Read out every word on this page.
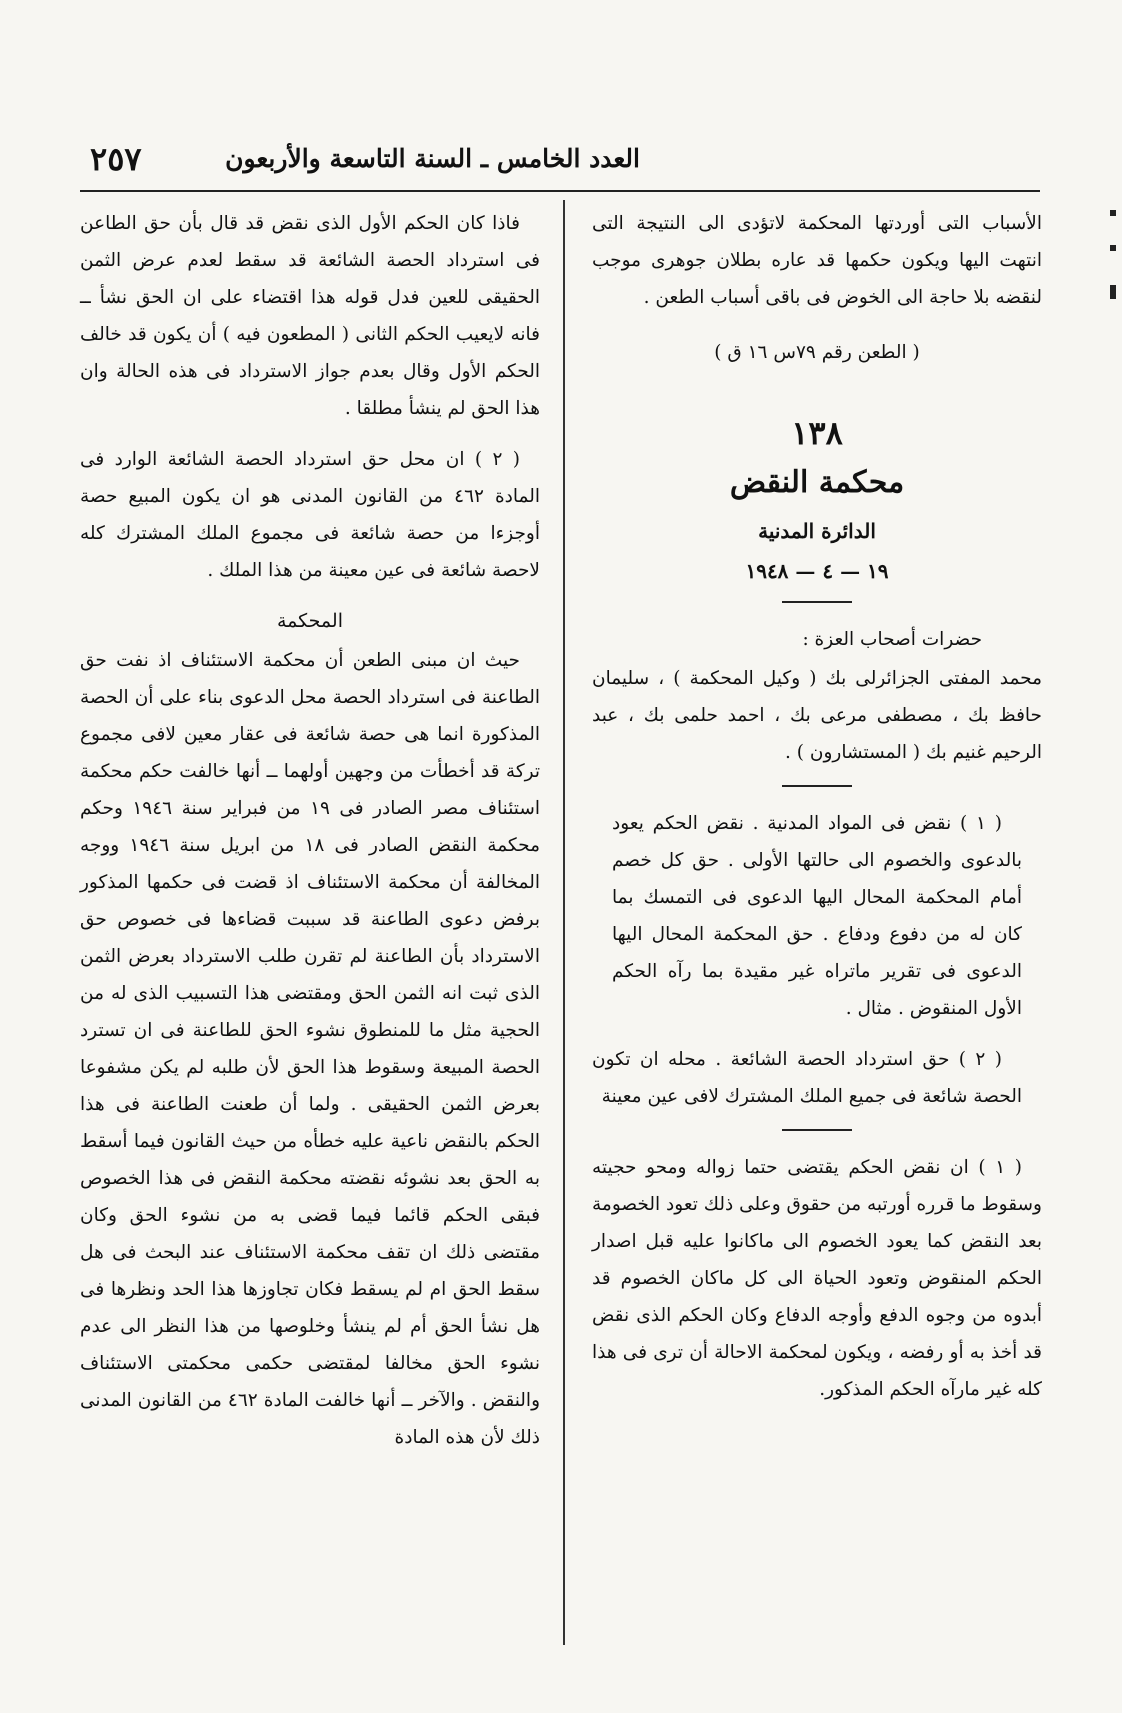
العدد الخامس ـ السنة التاسعة والأربعون
٢٥٧

الأسباب التى أوردتها المحكمة لاتؤدى الى النتيجة التى انتهت اليها ويكون حكمها قد عاره بطلان جوهرى موجب لنقضه بلا حاجة الى الخوض فى باقى أسباب الطعن .

( الطعن رقم ٧٩س ١٦ ق )
١٣٨
محكمة النقض
الدائرة المدنية
١٩ — ٤ — ١٩٤٨

حضرات أصحاب العزة :

محمد المفتى الجزائرلى بك ( وكيل المحكمة ) ، سليمان حافظ بك ، مصطفى مرعى بك ، احمد حلمى بك ، عبد الرحيم غنيم بك ( المستشارون ) .

( ١ ) نقض فى المواد المدنية . نقض الحكم يعود بالدعوى والخصوم الى حالتها الأولى . حق كل خصم أمام المحكمة المحال اليها الدعوى فى التمسك بما كان له من دفوع ودفاع . حق المحكمة المحال اليها الدعوى فى تقرير ماتراه غير مقيدة بما رآه الحكم الأول المنقوض . مثال .

( ٢ ) حق استرداد الحصة الشائعة . محله ان تكون الحصة شائعة فى جميع الملك المشترك لافى عين معينة

( ١ ) ان نقض الحكم يقتضى حتما زواله ومحو حجيته وسقوط ما قرره أورتبه من حقوق وعلى ذلك تعود الخصومة بعد النقض كما يعود الخصوم الى ماكانوا عليه قبل اصدار الحكم المنقوض وتعود الحياة الى كل ماكان الخصوم قد أبدوه من وجوه الدفع وأوجه الدفاع وكان الحكم الذى نقض قد أخذ به أو رفضه ، ويكون لمحكمة الاحالة أن ترى فى هذا كله غير مارآه الحكم المذكور.

فاذا كان الحكم الأول الذى نقض قد قال بأن حق الطاعن فى استرداد الحصة الشائعة قد سقط لعدم عرض الثمن الحقيقى للعين فدل قوله هذا اقتضاء على ان الحق نشأ ــ فانه لايعيب الحكم الثانى ( المطعون فيه ) أن يكون قد خالف الحكم الأول وقال بعدم جواز الاسترداد فى هذه الحالة وان هذا الحق لم ينشأ مطلقا .

( ٢ ) ان محل حق استرداد الحصة الشائعة الوارد فى المادة ٤٦٢ من القانون المدنى هو ان يكون المبيع حصة أوجزءا من حصة شائعة فى مجموع الملك المشترك كله لاحصة شائعة فى عين معينة من هذا الملك .

المحكمة

حيث ان مبنى الطعن أن محكمة الاستئناف اذ نفت حق الطاعنة فى استرداد الحصة محل الدعوى بناء على أن الحصة المذكورة انما هى حصة شائعة فى عقار معين لافى مجموع تركة قد أخطأت من وجهين أولهما ــ أنها خالفت حكم محكمة استئناف مصر الصادر فى ١٩ من فبراير سنة ١٩٤٦ وحكم محكمة النقض الصادر فى ١٨ من ابريل سنة ١٩٤٦ ووجه المخالفة أن محكمة الاستئناف اذ قضت فى حكمها المذكور برفض دعوى الطاعنة قد سببت قضاءها فى خصوص حق الاسترداد بأن الطاعنة لم تقرن طلب الاسترداد بعرض الثمن الذى ثبت انه الثمن الحق ومقتضى هذا التسبيب الذى له من الحجية مثل ما للمنطوق نشوء الحق للطاعنة فى ان تسترد الحصة المبيعة وسقوط هذا الحق لأن طلبه لم يكن مشفوعا بعرض الثمن الحقيقى . ولما أن طعنت الطاعنة فى هذا الحكم بالنقض ناعية عليه خطأه من حيث القانون فيما أسقط به الحق بعد نشوئه نقضته محكمة النقض فى هذا الخصوص فبقى الحكم قائما فيما قضى به من نشوء الحق وكان مقتضى ذلك ان تقف محكمة الاستئناف عند البحث فى هل سقط الحق ام لم يسقط فكان تجاوزها هذا الحد ونظرها فى هل نشأ الحق أم لم ينشأ وخلوصها من هذا النظر الى عدم نشوء الحق مخالفا لمقتضى حكمى محكمتى الاستئناف والنقض . والآخر ــ أنها خالفت المادة ٤٦٢ من القانون المدنى ذلك لأن هذه المادة
